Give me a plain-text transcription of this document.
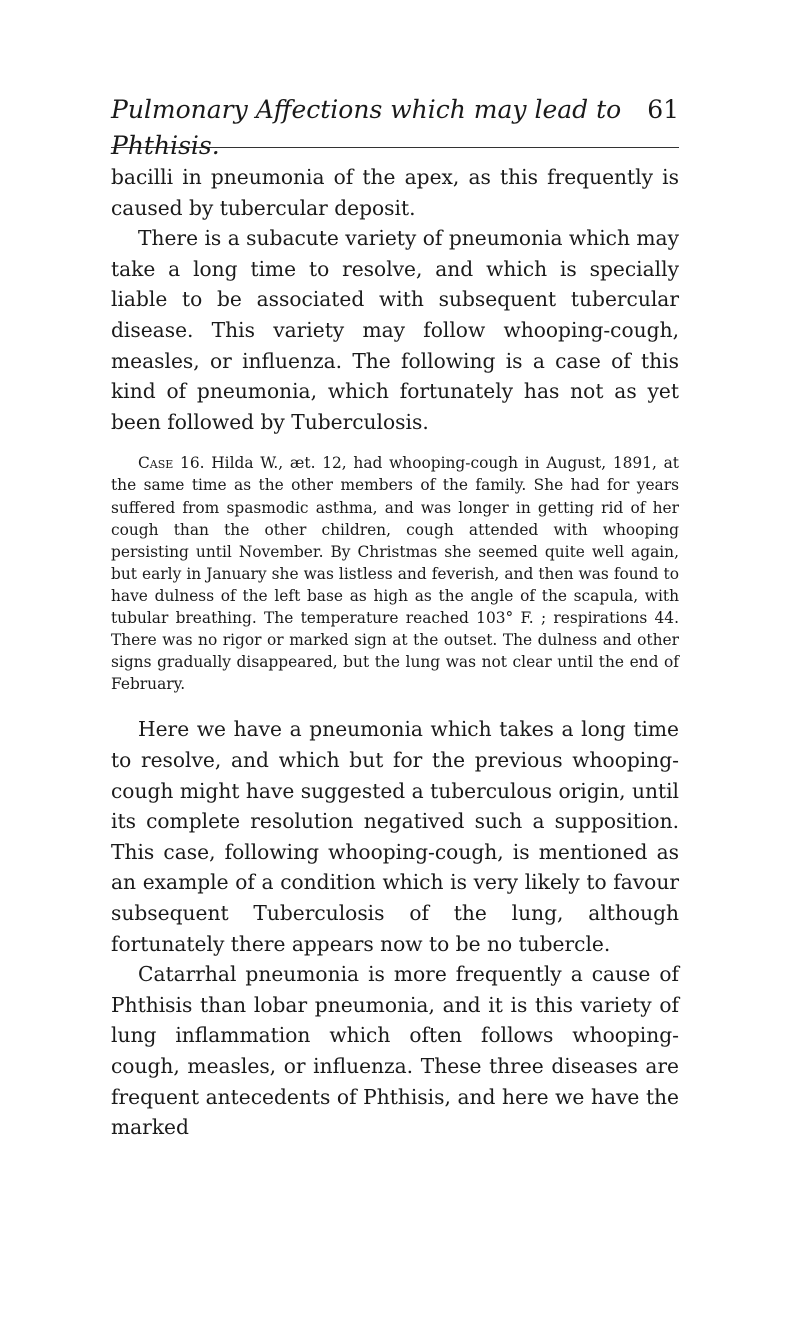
Pulmonary Affections which may lead to Phthisis.
61

bacilli in pneumonia of the apex, as this frequently is caused by tubercular deposit.

There is a subacute variety of pneumonia which may take a long time to resolve, and which is specially liable to be associated with subsequent tubercular disease. This variety may follow whooping-cough, measles, or influenza. The following is a case of this kind of pneumonia, which fortunately has not as yet been followed by Tuberculosis.

Case 16. Hilda W., æt. 12, had whooping-cough in August, 1891, at the same time as the other members of the family. She had for years suffered from spasmodic asthma, and was longer in getting rid of her cough than the other children, cough attended with whooping persisting until November. By Christmas she seemed quite well again, but early in January she was listless and feverish, and then was found to have dulness of the left base as high as the angle of the scapula, with tubular breathing. The temperature reached 103° F. ; respirations 44. There was no rigor or marked sign at the outset. The dulness and other signs gradually disappeared, but the lung was not clear until the end of February.

Here we have a pneumonia which takes a long time to resolve, and which but for the previous whooping-cough might have suggested a tuberculous origin, until its complete resolution negatived such a supposition. This case, following whooping-cough, is mentioned as an example of a condition which is very likely to favour subsequent Tuberculosis of the lung, although fortunately there appears now to be no tubercle.

Catarrhal pneumonia is more frequently a cause of Phthisis than lobar pneumonia, and it is this variety of lung inflammation which often follows whooping-cough, measles, or influenza. These three diseases are frequent antecedents of Phthisis, and here we have the marked
